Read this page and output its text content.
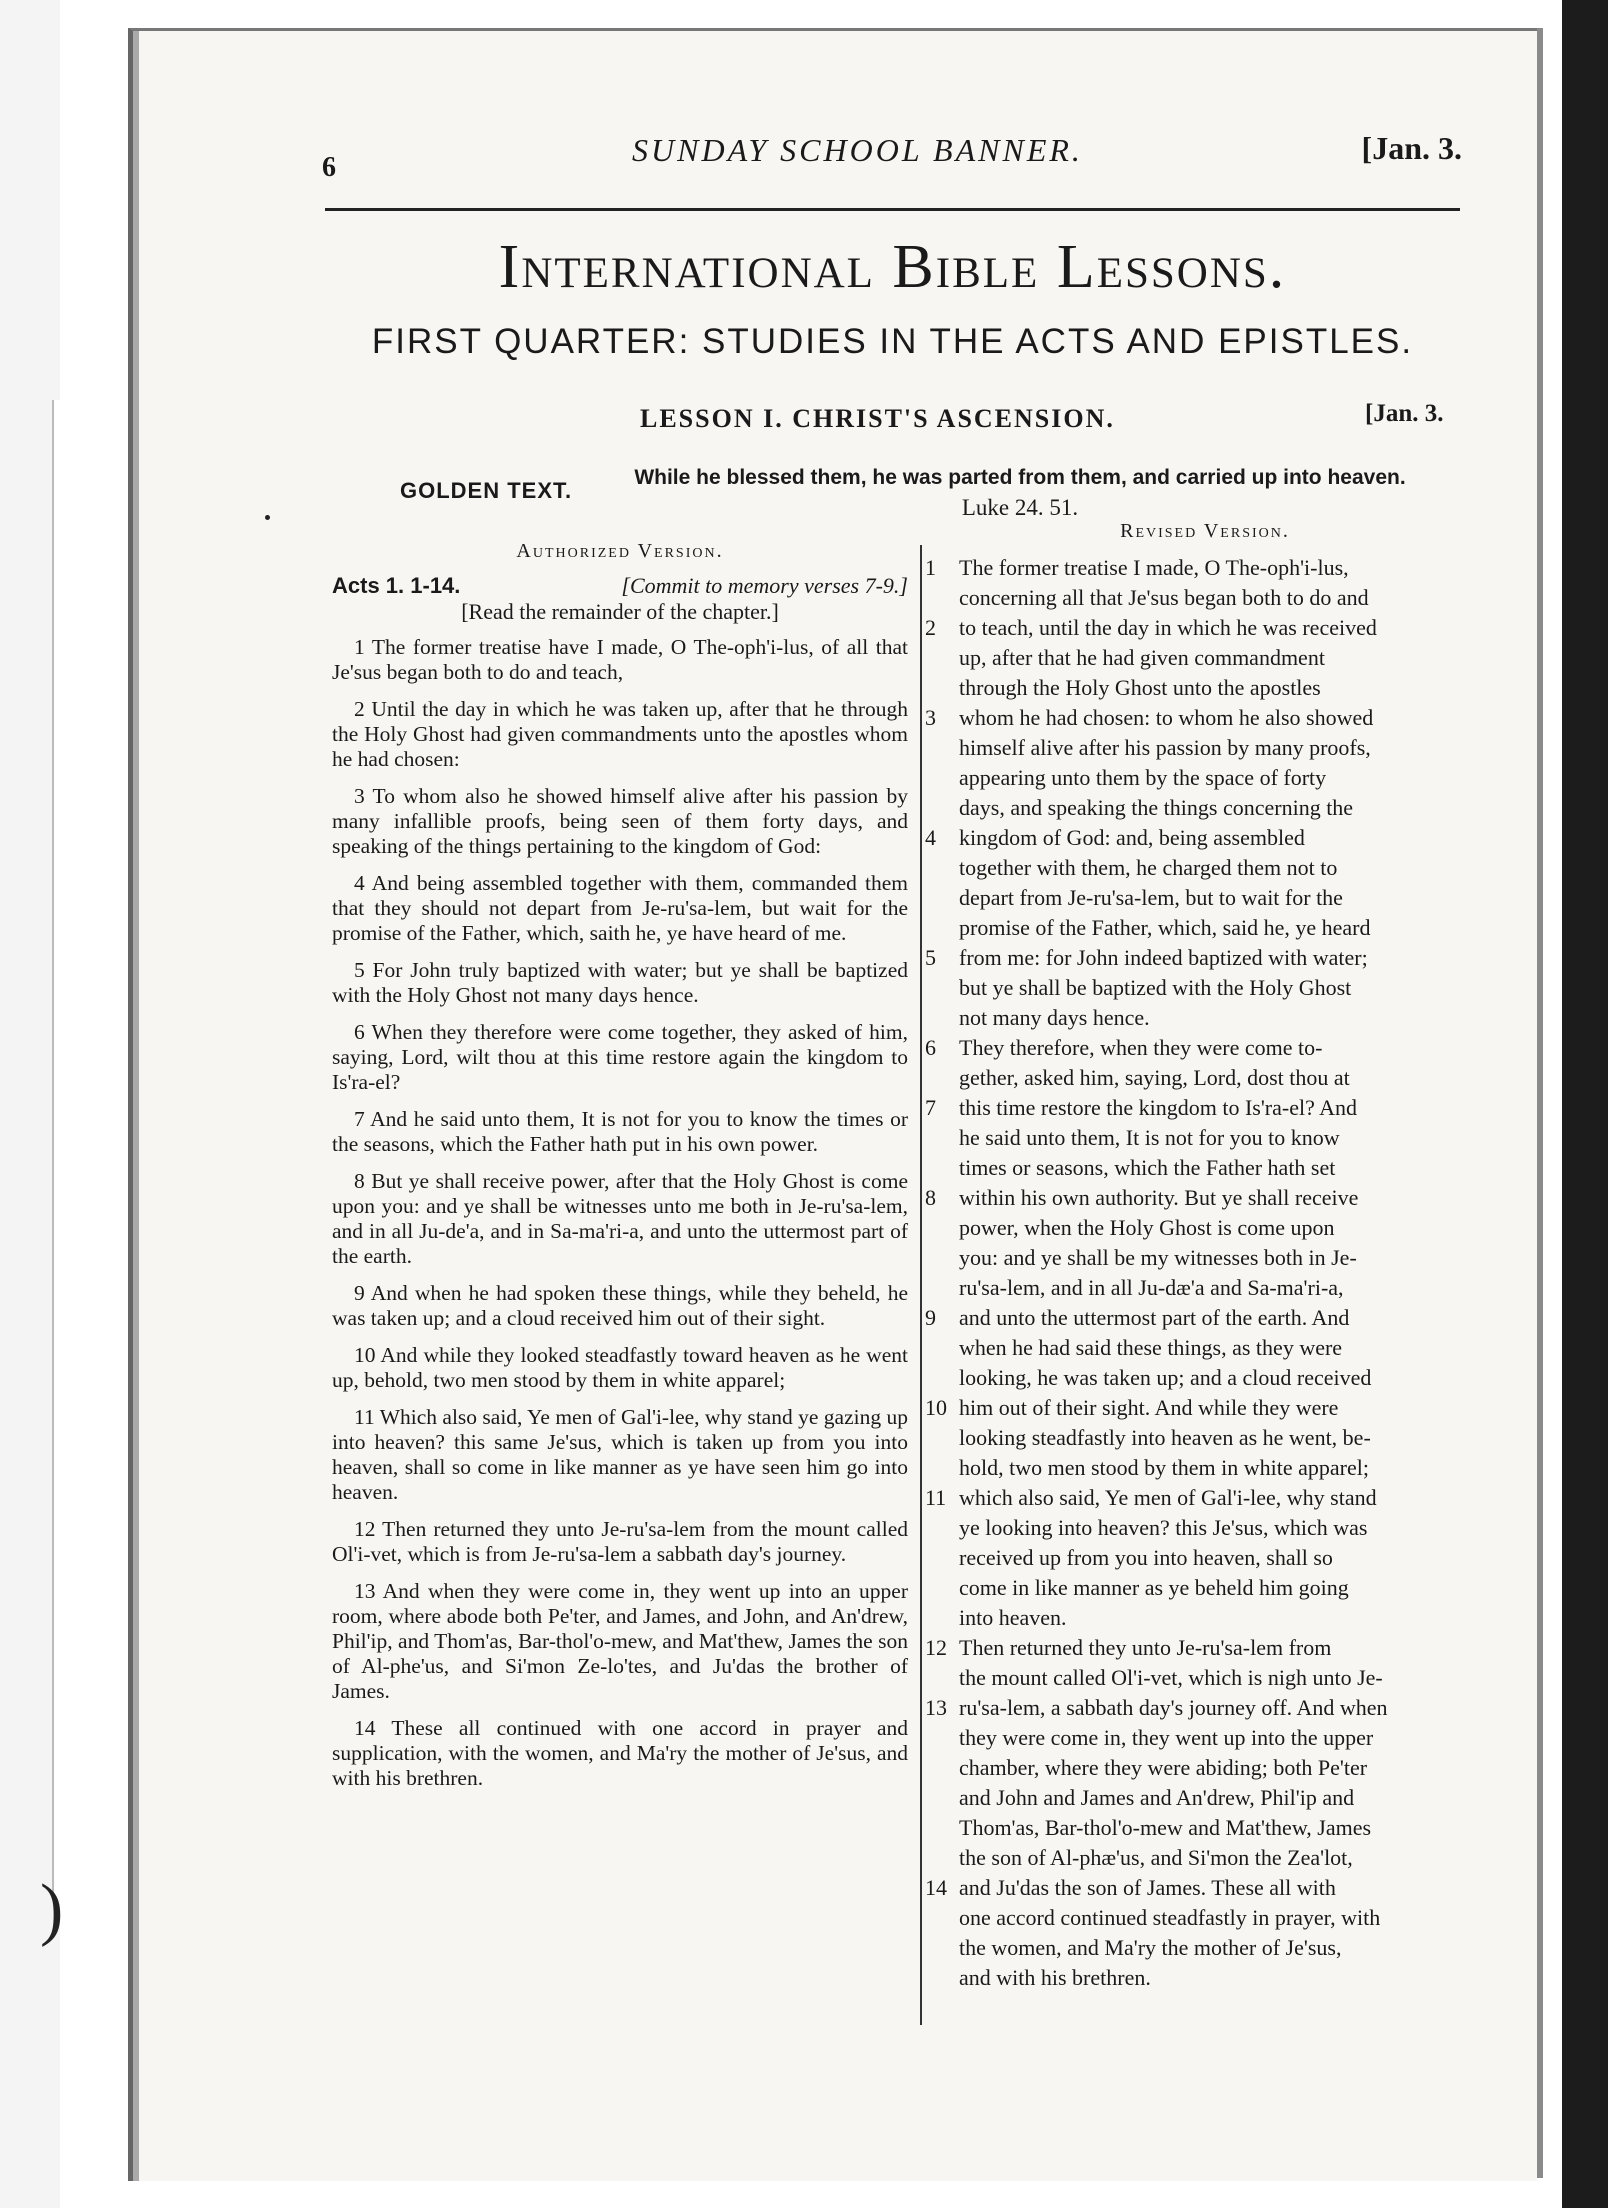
6	SUNDAY SCHOOL BANNER.	[Jan. 3.
International Bible Lessons.
FIRST QUARTER: STUDIES IN THE ACTS AND EPISTLES.
LESSON I. CHRIST'S ASCENSION.	[Jan. 3.
GOLDEN TEXT.
While he blessed them, he was parted from them, and carried up into heaven. Luke 24. 51.
Authorized Version.
Acts 1. 1-14.	[Commit to memory verses 7-9.]
[Read the remainder of the chapter.]
1 The former treatise have I made, O The-oph'i-lus, of all that Je'sus began both to do and teach,
2 Until the day in which he was taken up, after that he through the Holy Ghost had given commandments unto the apostles whom he had chosen:
3 To whom also he showed himself alive after his passion by many infallible proofs, being seen of them forty days, and speaking of the things pertaining to the kingdom of God:
4 And being assembled together with them, commanded them that they should not depart from Je-ru'sa-lem, but wait for the promise of the Father, which, saith he, ye have heard of me.
5 For John truly baptized with water; but ye shall be baptized with the Holy Ghost not many days hence.
6 When they therefore were come together, they asked of him, saying, Lord, wilt thou at this time restore again the kingdom to Is'ra-el?
7 And he said unto them, It is not for you to know the times or the seasons, which the Father hath put in his own power.
8 But ye shall receive power, after that the Holy Ghost is come upon you: and ye shall be witnesses unto me both in Je-ru'sa-lem, and in all Ju-de'a, and in Sa-ma'ri-a, and unto the uttermost part of the earth.
9 And when he had spoken these things, while they beheld, he was taken up; and a cloud received him out of their sight.
10 And while they looked steadfastly toward heaven as he went up, behold, two men stood by them in white apparel;
11 Which also said, Ye men of Gal'i-lee, why stand ye gazing up into heaven? this same Je'sus, which is taken up from you into heaven, shall so come in like manner as ye have seen him go into heaven.
12 Then returned they unto Je-ru'sa-lem from the mount called Ol'i-vet, which is from Je-ru'sa-lem a sabbath day's journey.
13 And when they were come in, they went up into an upper room, where abode both Pe'ter, and James, and John, and An'drew, Phil'ip, and Thom'as, Bar-thol'o-mew, and Mat'thew, James the son of Al-phe'us, and Si'mon Ze-lo'tes, and Ju'das the brother of James.
14 These all continued with one accord in prayer and supplication, with the women, and Ma'ry the mother of Je'sus, and with his brethren.
Revised Version.
1	The former treatise I made, O The-oph'i-lus,
concerning all that Je'sus began both to do and
2	to teach, until the day in which he was received
up, after that he had given commandment
through the Holy Ghost unto the apostles
3	whom he had chosen: to whom he also showed
himself alive after his passion by many proofs,
appearing unto them by the space of forty
days, and speaking the things concerning the
4	kingdom of God: and, being assembled
together with them, he charged them not to
depart from Je-ru'sa-lem, but to wait for the
promise of the Father, which, said he, ye heard
5	from me: for John indeed baptized with water;
but ye shall be baptized with the Holy Ghost
not many days hence.
6	They therefore, when they were come to-
gether, asked him, saying, Lord, dost thou at
7	this time restore the kingdom to Is'ra-el? And
he said unto them, It is not for you to know
times or seasons, which the Father hath set
8	within his own authority. But ye shall receive
power, when the Holy Ghost is come upon
you: and ye shall be my witnesses both in Je-
ru'sa-lem, and in all Ju-dæ'a and Sa-ma'ri-a,
9	and unto the uttermost part of the earth. And
when he had said these things, as they were
looking, he was taken up; and a cloud received
10 him out of their sight. And while they were
looking steadfastly into heaven as he went, be-
hold, two men stood by them in white apparel;
11 which also said, Ye men of Gal'i-lee, why stand
ye looking into heaven? this Je'sus, which was
received up from you into heaven, shall so
come in like manner as ye beheld him going
into heaven.
12 Then returned they unto Je-ru'sa-lem from
the mount called Ol'i-vet, which is nigh unto Je-
13 ru'sa-lem, a sabbath day's journey off. And when
they were come in, they went up into the upper
chamber, where they were abiding; both Pe'ter
and John and James and An'drew, Phil'ip and
Thom'as, Bar-thol'o-mew and Mat'thew, James
the son of Al-phæ'us, and Si'mon the Zea'lot,
14 and Ju'das the son of James. These all with
one accord continued steadfastly in prayer, with
the women, and Ma'ry the mother of Je'sus,
and with his brethren.
)
